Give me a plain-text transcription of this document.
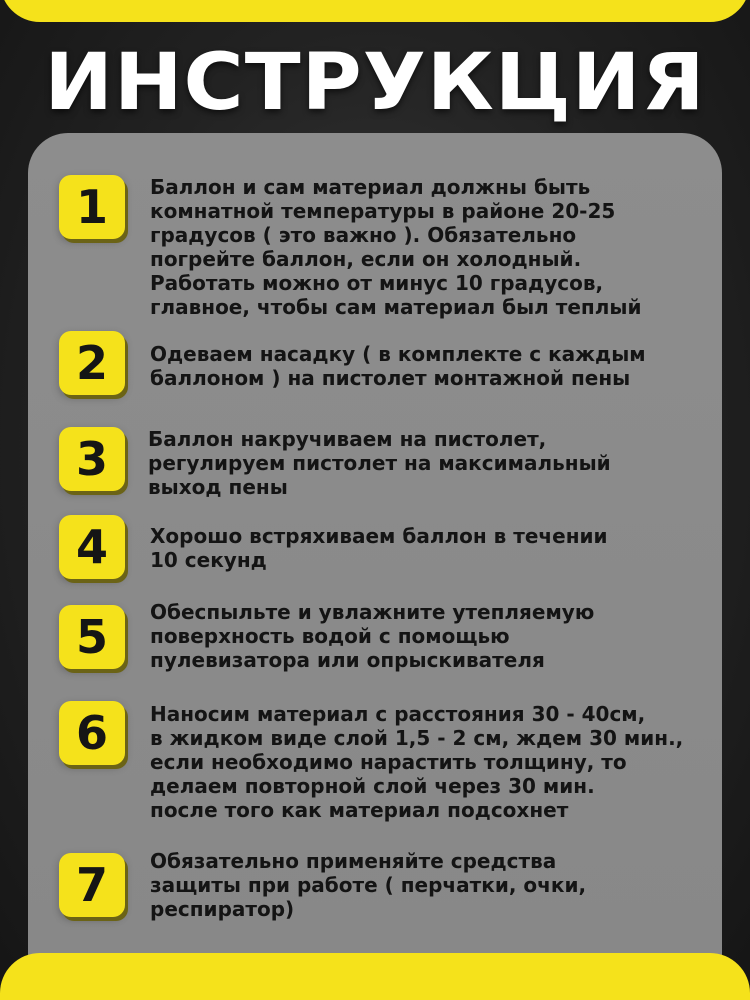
ИНСТРУКЦИЯ
1	Баллон и сам материал должны быть
комнатной температуры в районе 20-25
градусов ( это важно ). Обязательно
погрейте баллон, если он холодный.
Работать можно от минус 10 градусов,
главное, чтобы сам материал был теплый
2	Одеваем насадку ( в комплекте с каждым
баллоном ) на пистолет монтажной пены
3	Баллон накручиваем на пистолет,
регулируем пистолет на максимальный
выход пены
4	Хорошо встряхиваем баллон в течении
10 секунд
5	Обеспыльте и увлажните утепляемую
поверхность водой с помощью
пулевизатора или опрыскивателя
6	Наносим материал с расстояния 30 - 40см,
в жидком виде слой 1,5 - 2 см, ждем 30 мин.,
если необходимо нарастить толщину, то
делаем повторной слой через 30 мин.
после того как материал подсохнет
7	Обязательно применяйте средства
защиты при работе ( перчатки, очки,
респиратор)
